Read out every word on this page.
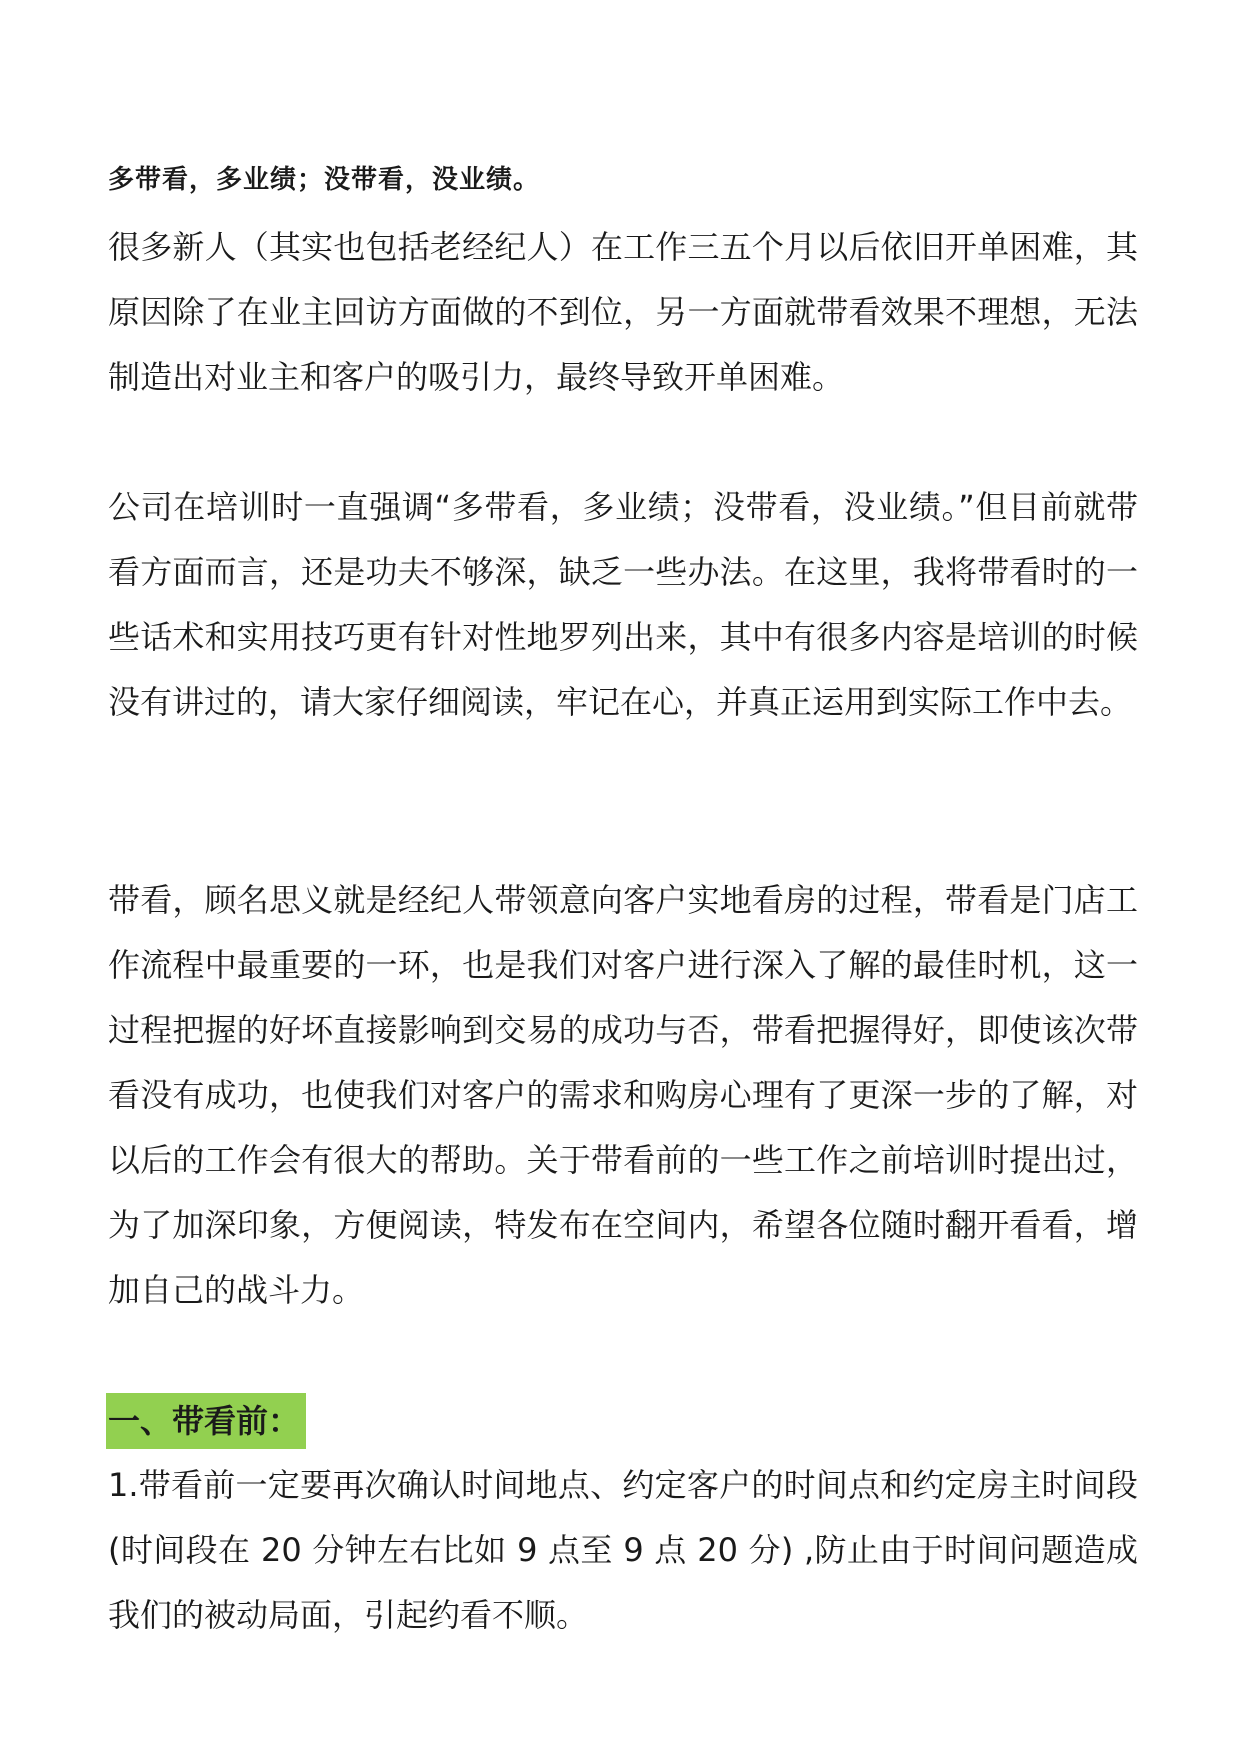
多带看，多业绩；没带看，没业绩。

很多新人（其实也包括老经纪人）在工作三五个月以后依旧开单困难，其原因除了在业主回访方面做的不到位，另一方面就带看效果不理想，无法制造出对业主和客户的吸引力，最终导致开单困难。

公司在培训时一直强调“多带看，多业绩；没带看，没业绩。”但目前就带看方面而言，还是功夫不够深，缺乏一些办法。在这里，我将带看时的一些话术和实用技巧更有针对性地罗列出来，其中有很多内容是培训的时候没有讲过的，请大家仔细阅读，牢记在心，并真正运用到实际工作中去。

带看，顾名思义就是经纪人带领意向客户实地看房的过程，带看是门店工作流程中最重要的一环，也是我们对客户进行深入了解的最佳时机，这一过程把握的好坏直接影响到交易的成功与否，带看把握得好，即使该次带看没有成功，也使我们对客户的需求和购房心理有了更深一步的了解，对以后的工作会有很大的帮助。关于带看前的一些工作之前培训时提出过，为了加深印象，方便阅读，特发布在空间内，希望各位随时翻开看看，增加自己的战斗力。

一、带看前：

1.带看前一定要再次确认时间地点、约定客户的时间点和约定房主时间段(时间段在 20 分钟左右比如 9 点至 9 点 20 分) ,防止由于时间问题造成我们的被动局面，引起约看不顺。
